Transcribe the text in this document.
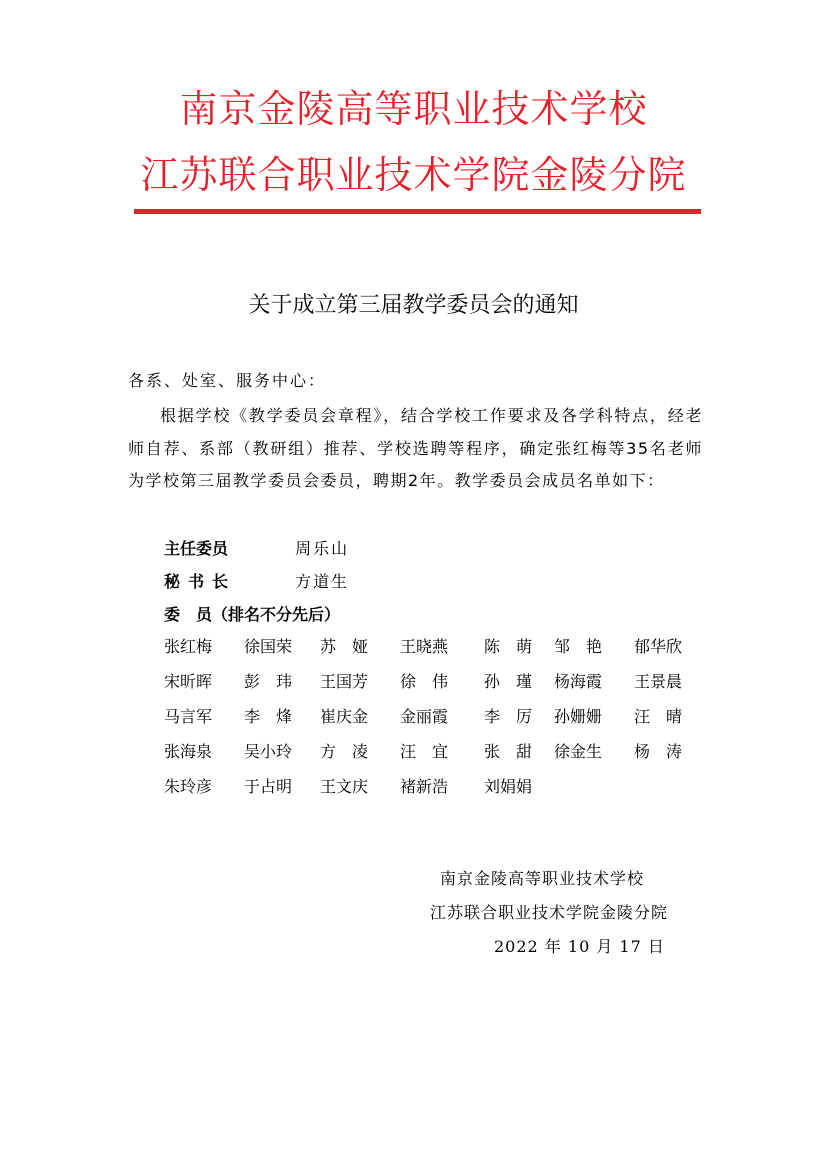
南京金陵高等职业技术学校
江苏联合职业技术学院金陵分院
关于成立第三届教学委员会的通知
各系、处室、服务中心：
根据学校《教学委员会章程》，结合学校工作要求及各学科特点，经老师自荐、系部（教研组）推荐、学校选聘等程序，确定张红梅等35名老师为学校第三届教学委员会委员，聘期2年。教学委员会成员名单如下：
主任委员	周乐山
秘书长	方道生
委　员（排名不分先后）
张红梅 徐国荣 苏　娅 王晓燕 陈　萌 邹　艳 郁华欣
宋昕晖 彭　玮 王国芳 徐　伟 孙　瑾 杨海霞 王景晨
马言军 李　烽 崔庆金 金丽霞 李　厉 孙姗姗 汪　晴
张海泉 吴小玲 方　凌 汪　宜 张　甜 徐金生 杨　涛
朱玲彦 于占明 王文庆 褚新浩 刘娟娟
南京金陵高等职业技术学校
江苏联合职业技术学院金陵分院
2022 年 10 月 17 日
